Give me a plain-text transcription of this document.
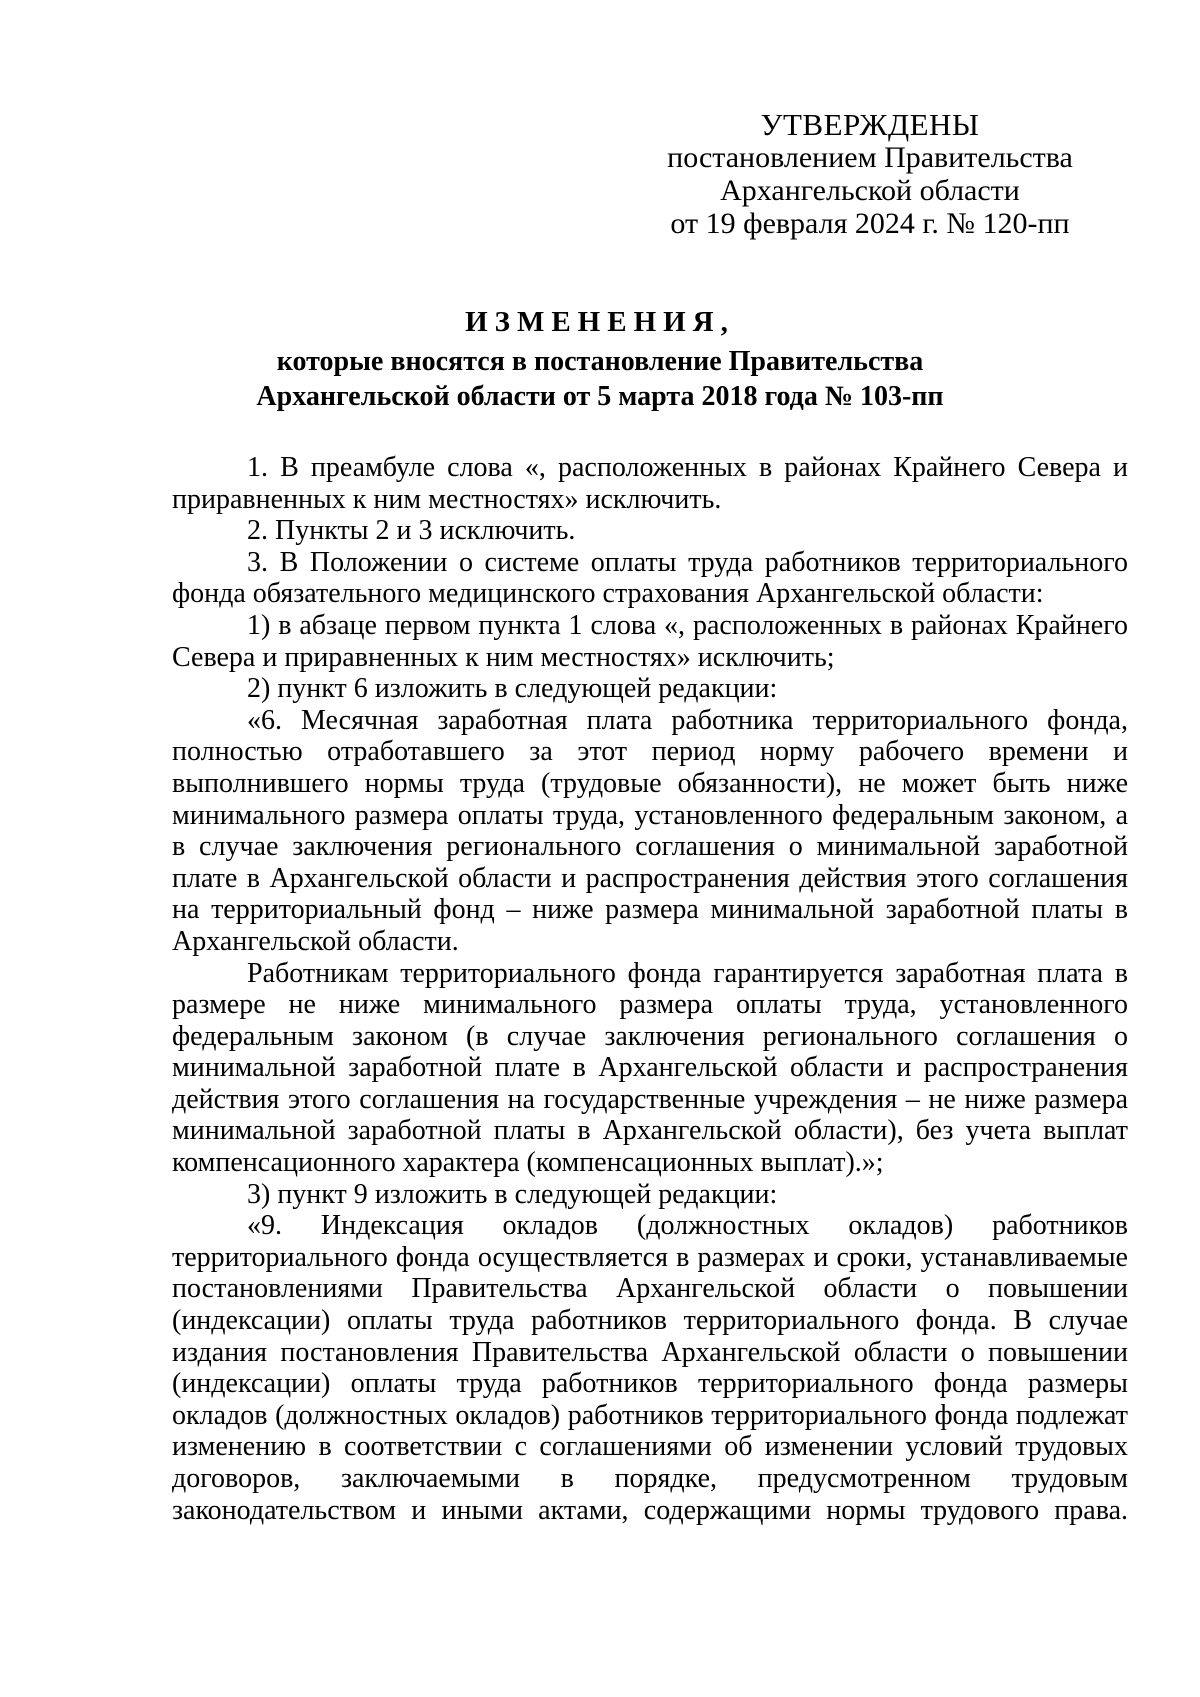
УТВЕРЖДЕНЫ
постановлением Правительства
Архангельской области
от 19 февраля 2024 г. № 120-пп
ИЗМЕНЕНИЯ,
которые вносятся в постановление Правительства
Архангельской области от 5 марта 2018 года № 103-пп

1. В преамбуле слова «, расположенных в районах Крайнего Севера и приравненных к ним местностях» исключить.

2. Пункты 2 и 3 исключить.

3. В Положении о системе оплаты труда работников территориального фонда обязательного медицинского страхования Архангельской области:

1) в абзаце первом пункта 1 слова «, расположенных в районах Крайнего Севера и приравненных к ним местностях» исключить;

2) пункт 6 изложить в следующей редакции:

«6. Месячная заработная плата работника территориального фонда, полностью отработавшего за этот период норму рабочего времени и выполнившего нормы труда (трудовые обязанности), не может быть ниже минимального размера оплаты труда, установленного федеральным законом, а в случае заключения регионального соглашения о минимальной заработной плате в Архангельской области и распространения действия этого соглашения на территориальный фонд – ниже размера минимальной заработной платы в Архангельской области.

Работникам территориального фонда гарантируется заработная плата в размере не ниже минимального размера оплаты труда, установленного федеральным законом (в случае заключения регионального соглашения о минимальной заработной плате в Архангельской области и распространения действия этого соглашения на государственные учреждения – не ниже размера минимальной заработной платы в Архангельской области), без учета выплат компенсационного характера (компенсационных выплат).»;

3) пункт 9 изложить в следующей редакции:

«9. Индексация окладов (должностных окладов) работников территориального фонда осуществляется в размерах и сроки, устанавливаемые постановлениями Правительства Архангельской области о повышении (индексации) оплаты труда работников территориального фонда. В случае издания постановления Правительства Архангельской области о повышении (индексации) оплаты труда работников территориального фонда размеры окладов (должностных окладов) работников территориального фонда подлежат изменению в соответствии с соглашениями об изменении условий трудовых договоров, заключаемыми в порядке, предусмотренном трудовым законодательством и иными актами, содержащими нормы трудового права.
